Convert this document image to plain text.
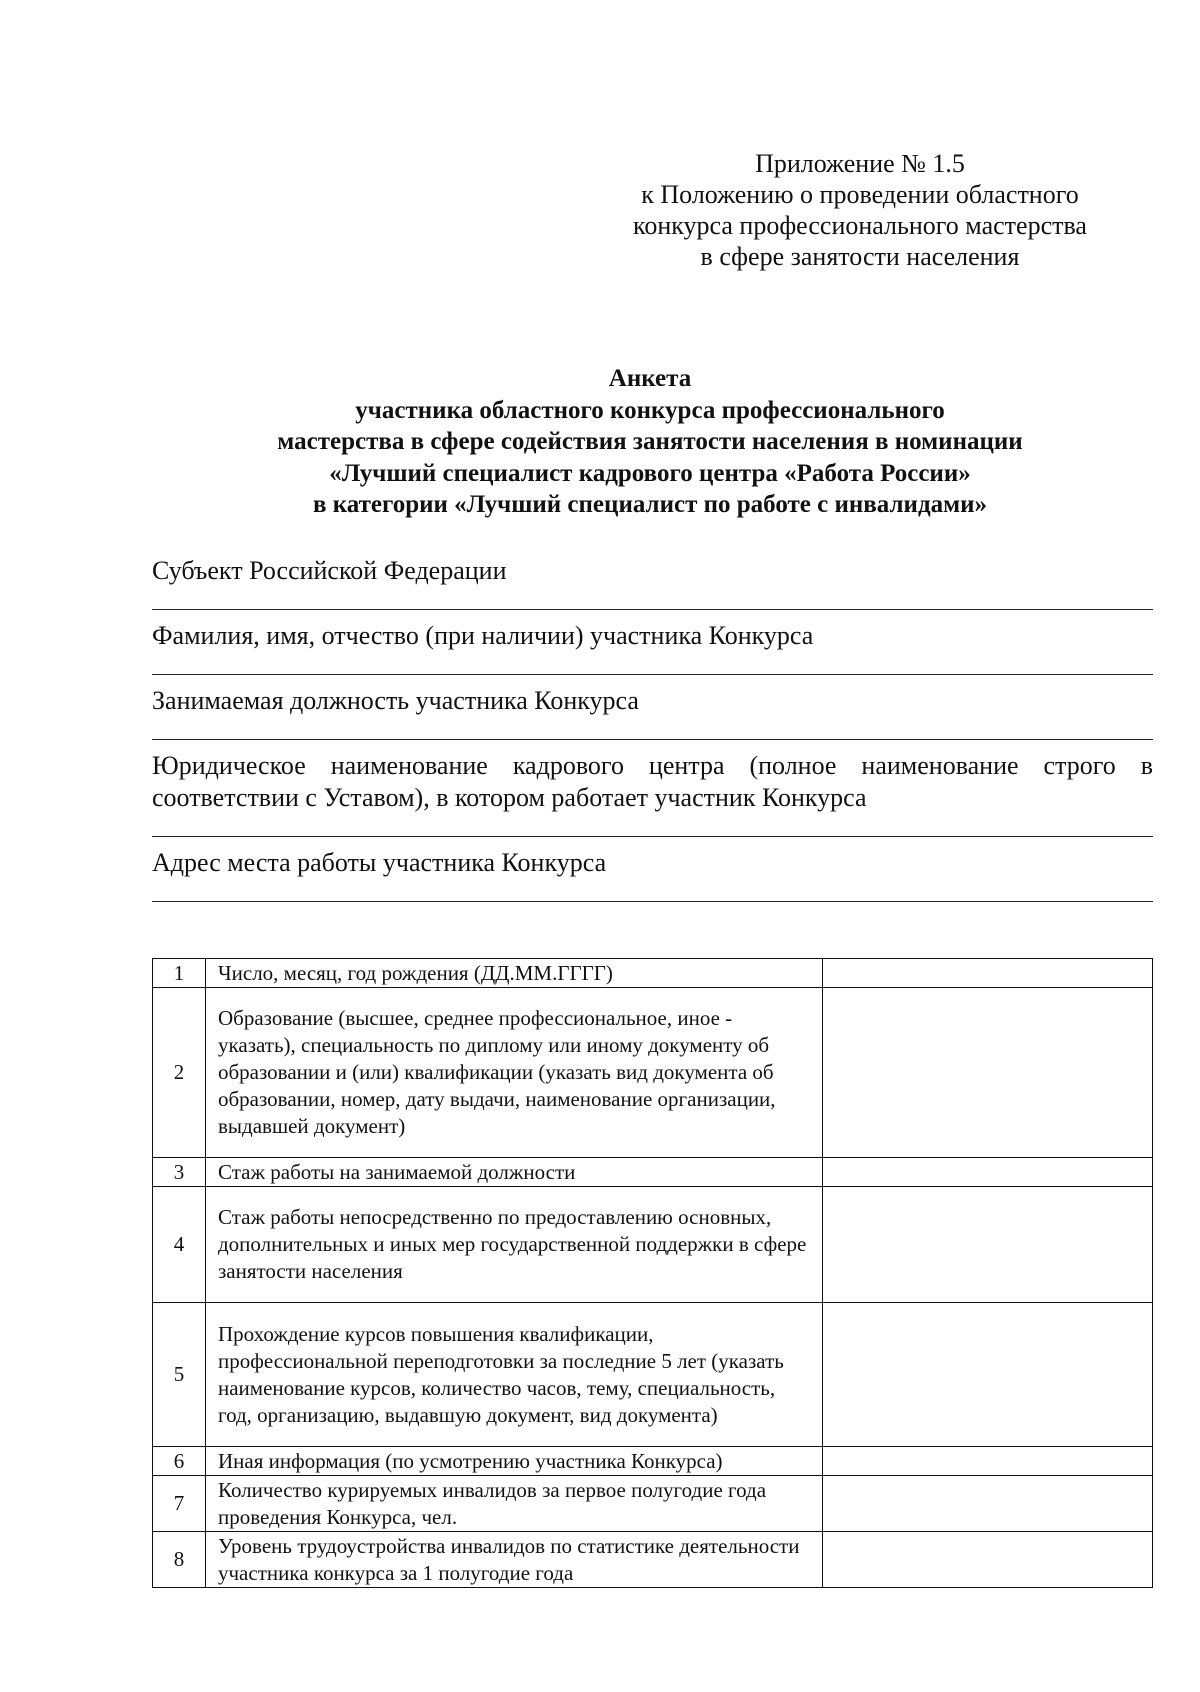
Приложение № 1.5
к Положению о проведении областного
конкурса профессионального мастерства
в сфере занятости населения
Анкета
участника областного конкурса профессионального
мастерства в сфере содействия занятости населения в номинации
«Лучший специалист кадрового центра «Работа России»
в категории «Лучший специалист по работе с инвалидами»
Субъект Российской Федерации
Фамилия, имя, отчество (при наличии) участника Конкурса
Занимаемая должность участника Конкурса
Юридическое наименование кадрового центра (полное наименование строго в соответствии с Уставом), в котором работает участник Конкурса
Адрес места работы участника Конкурса
1	Число, месяц, год рождения (ДД.ММ.ГГГГ)	
2	Образование (высшее, среднее профессиональное, иное - указать), специальность по диплому или иному документу об образовании и (или) квалификации (указать вид документа об образовании, номер, дату выдачи, наименование организации, выдавшей документ)	
3	Стаж работы на занимаемой должности	
4	Стаж работы непосредственно по предоставлению основных, дополнительных и иных мер государственной поддержки в сфере занятости населения	
5	Прохождение курсов повышения квалификации, профессиональной переподготовки за последние 5 лет (указать наименование курсов, количество часов, тему, специальность, год, организацию, выдавшую документ, вид документа)	
6	Иная информация (по усмотрению участника Конкурса)	
7	Количество курируемых инвалидов за первое полугодие года проведения Конкурса, чел.	
8	Уровень трудоустройства инвалидов по статистике деятельности участника конкурса за 1 полугодие года	
